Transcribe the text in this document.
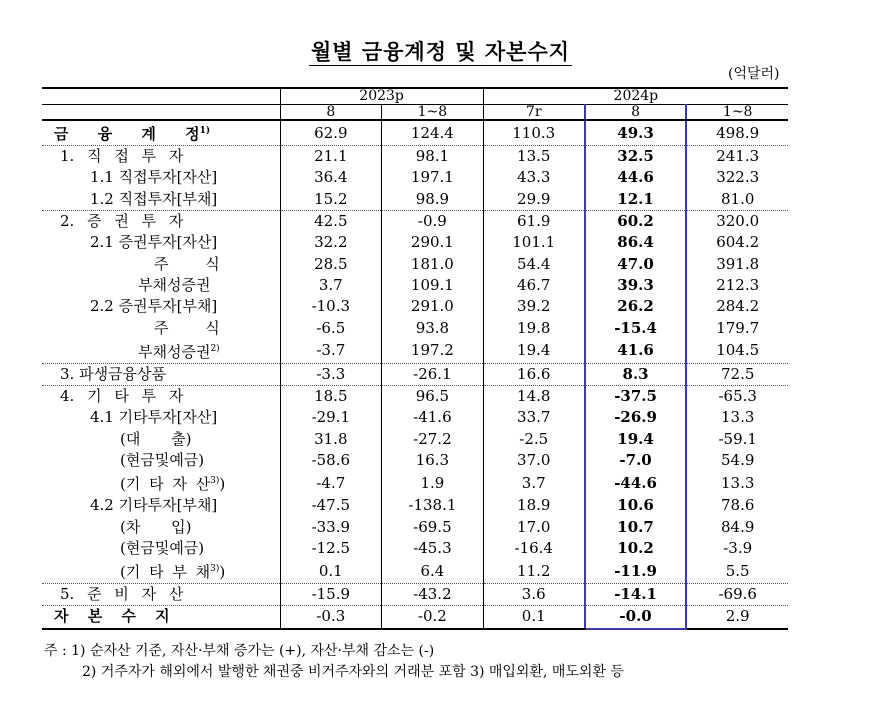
월별 금융계정 및 자본수지
(억달러)
	2023p		2024p		
	8	1~8	7r	8	1~8
금 융 계 정$^{1)}$	62.9	124.4	110.3	49.3	498.9
1. 직 접 투 자	21.1	98.1	13.5	32.5	241.3
1.1 직접투자[자산]	36.4	197.1	43.3	44.6	322.3
1.2 직접투자[부채]	15.2	98.9	29.9	12.1	81.0
2. 증 권 투 자	42.5	-0.9	61.9	60.2	320.0
2.1 증권투자[자산]	32.2	290.1	101.1	86.4	604.2
주 식	28.5	181.0	54.4	47.0	391.8
부채성증권	3.7	109.1	46.7	39.3	212.3
2.2 증권투자[부채]	-10.3	291.0	39.2	26.2	284.2
주 식	-6.5	93.8	19.8	-15.4	179.7
부채성증권$^{2)}$	-3.7	197.2	19.4	41.6	104.5
3. 파생금융상품	-3.3	-26.1	16.6	8.3	72.5
4. 기 타 투 자	18.5	96.5	14.8	-37.5	-65.3
4.1 기타투자[자산]	-29.1	-41.6	33.7	-26.9	13.3
(대 출)	31.8	-27.2	-2.5	19.4	-59.1
(현금및예금)	-58.6	16.3	37.0	-7.0	54.9
(기 타 자 산$^{3)}$)	-4.7	1.9	3.7	-44.6	13.3
4.2 기타투자[부채]	-47.5	-138.1	18.9	10.6	78.6
(차 입)	-33.9	-69.5	17.0	10.7	84.9
(현금및예금)	-12.5	-45.3	-16.4	10.2	-3.9
(기 타 부 채$^{3)}$)	0.1	6.4	11.2	-11.9	5.5
5. 준 비 자 산	-15.9	-43.2	3.6	-14.1	-69.6
자 본 수 지	-0.3	-0.2	0.1	-0.0	2.9
주 : 1) 순자산 기준, 자산·부채 증가는 (+), 자산·부채 감소는 (-)
2) 거주자가 해외에서 발행한 채권중 비거주자와의 거래분 포함 3) 매입외환, 매도외환 등
